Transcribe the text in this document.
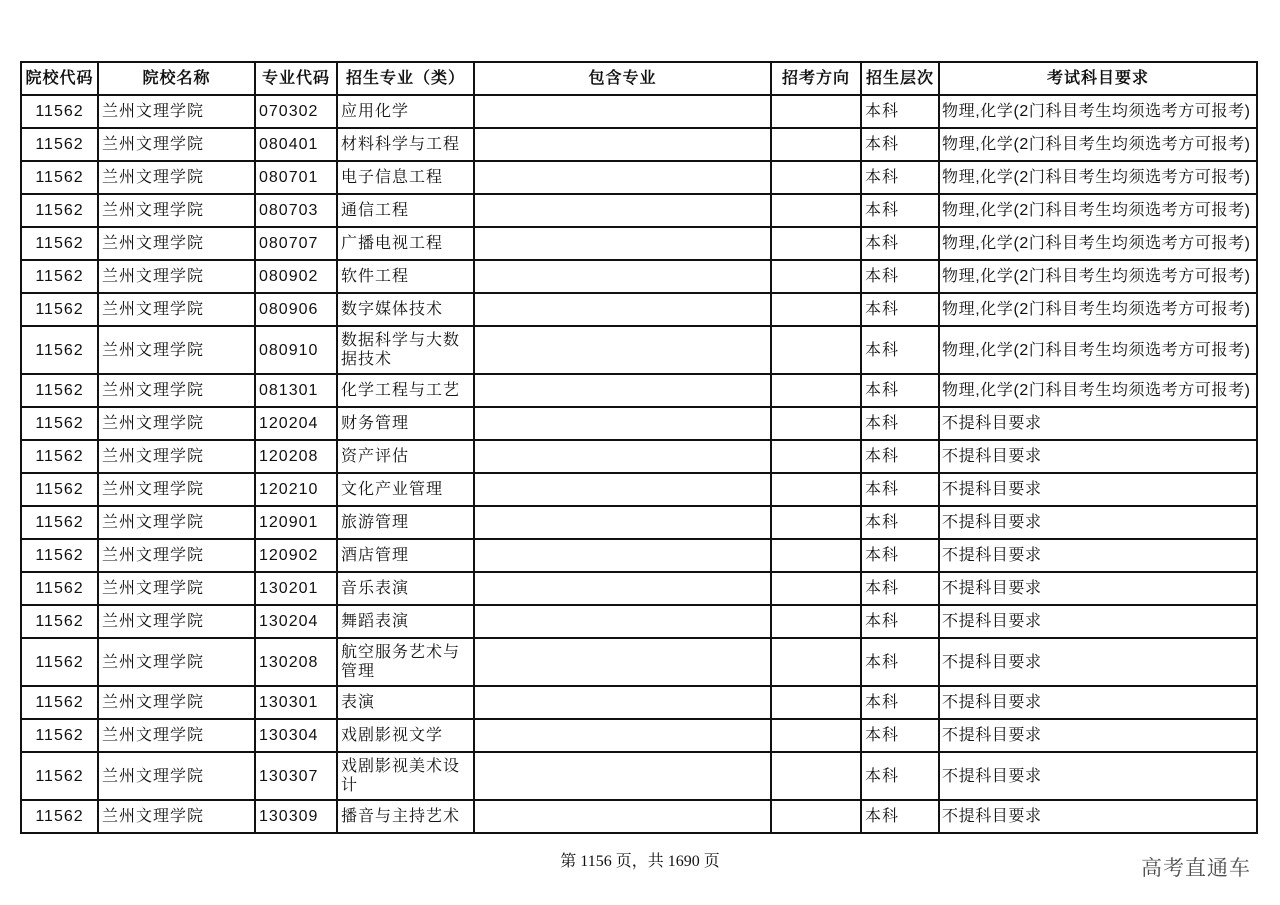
院校代码	院校名称	专业代码	招生专业（类）	包含专业	招考方向	招生层次	考试科目要求
11562	兰州文理学院	070302	应用化学			本科	物理,化学(2门科目考生均须选考方可报考)
11562	兰州文理学院	080401	材料科学与工程			本科	物理,化学(2门科目考生均须选考方可报考)
11562	兰州文理学院	080701	电子信息工程			本科	物理,化学(2门科目考生均须选考方可报考)
11562	兰州文理学院	080703	通信工程			本科	物理,化学(2门科目考生均须选考方可报考)
11562	兰州文理学院	080707	广播电视工程			本科	物理,化学(2门科目考生均须选考方可报考)
11562	兰州文理学院	080902	软件工程			本科	物理,化学(2门科目考生均须选考方可报考)
11562	兰州文理学院	080906	数字媒体技术			本科	物理,化学(2门科目考生均须选考方可报考)
11562	兰州文理学院	080910	数据科学与大数据技术			本科	物理,化学(2门科目考生均须选考方可报考)
11562	兰州文理学院	081301	化学工程与工艺			本科	物理,化学(2门科目考生均须选考方可报考)
11562	兰州文理学院	120204	财务管理			本科	不提科目要求
11562	兰州文理学院	120208	资产评估			本科	不提科目要求
11562	兰州文理学院	120210	文化产业管理			本科	不提科目要求
11562	兰州文理学院	120901	旅游管理			本科	不提科目要求
11562	兰州文理学院	120902	酒店管理			本科	不提科目要求
11562	兰州文理学院	130201	音乐表演			本科	不提科目要求
11562	兰州文理学院	130204	舞蹈表演			本科	不提科目要求
11562	兰州文理学院	130208	航空服务艺术与管理			本科	不提科目要求
11562	兰州文理学院	130301	表演			本科	不提科目要求
11562	兰州文理学院	130304	戏剧影视文学			本科	不提科目要求
11562	兰州文理学院	130307	戏剧影视美术设计			本科	不提科目要求
11562	兰州文理学院	130309	播音与主持艺术			本科	不提科目要求
第 1156 页，共 1690 页	高考直通车
